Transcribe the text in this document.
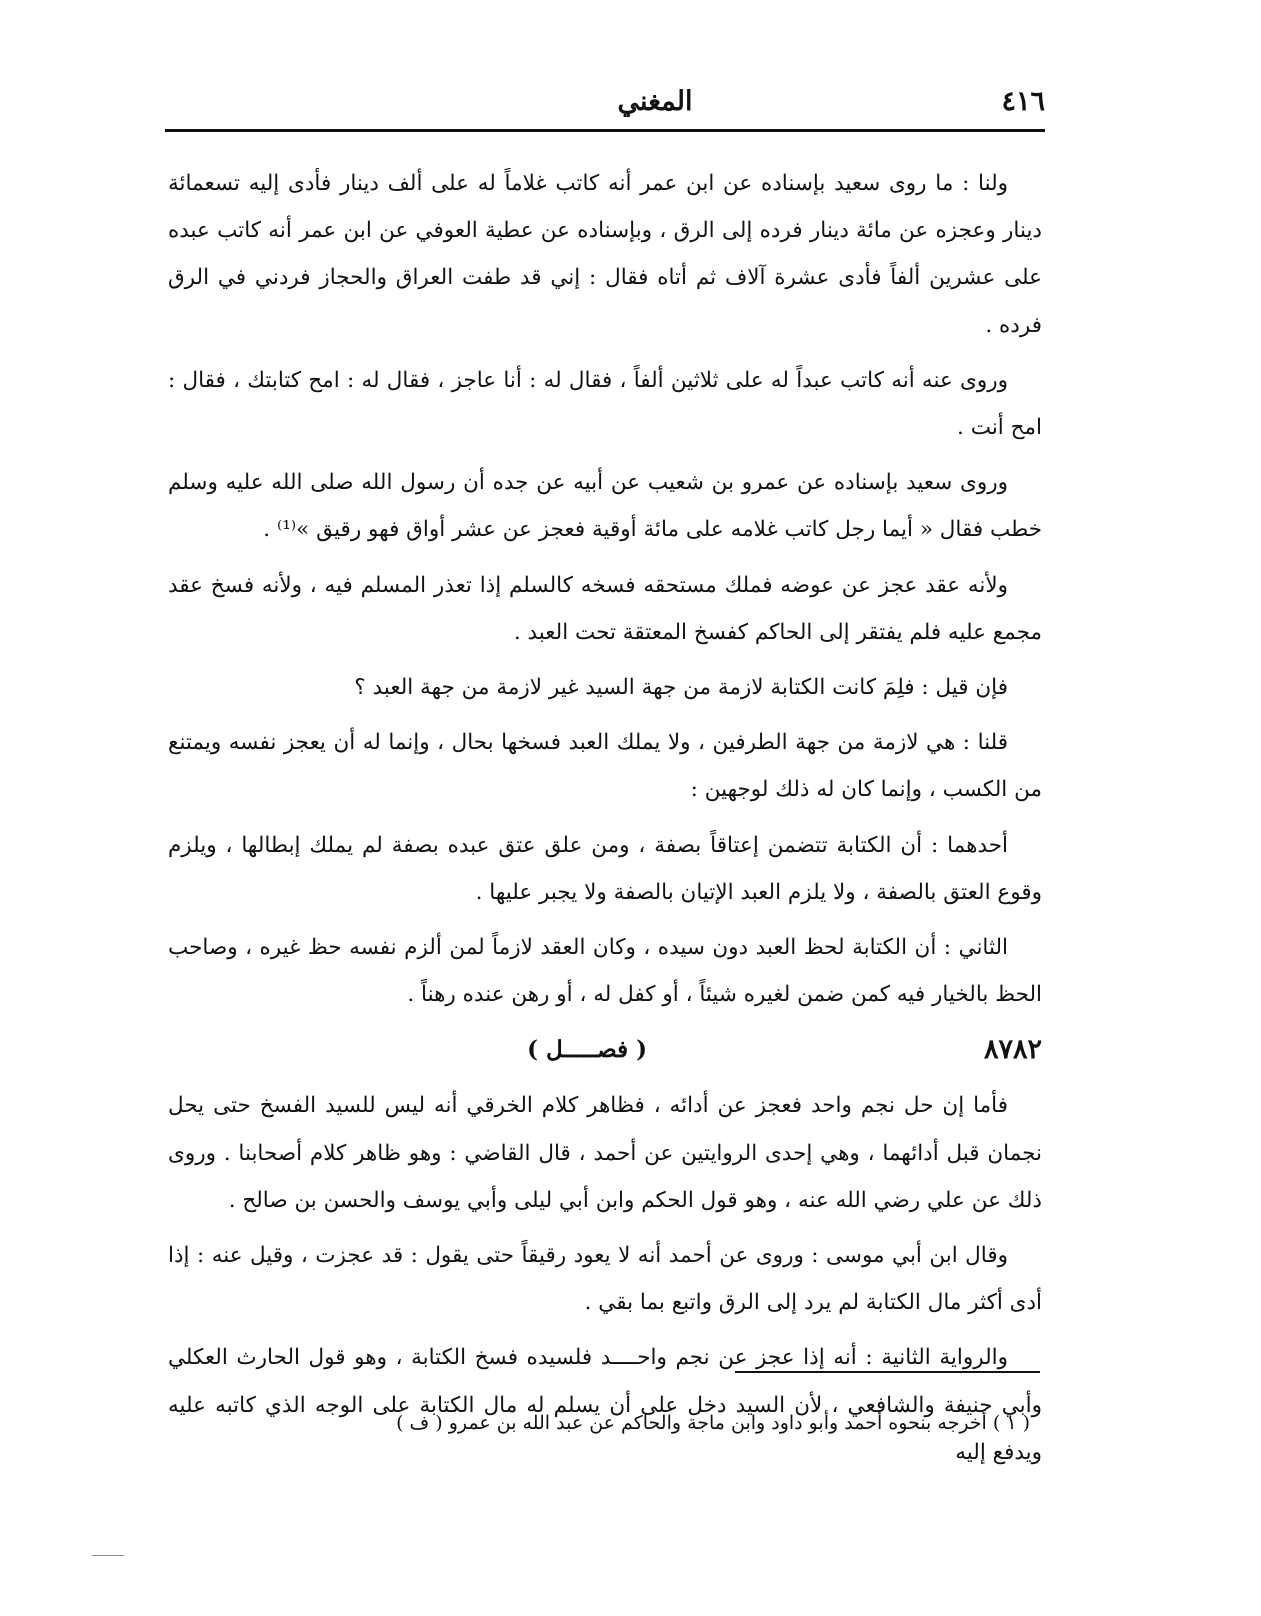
المغني	٤١٦

ولنا : ما روى سعيد بإسناده عن ابن عمر أنه كاتب غلاماً له على ألف دينار فأدى إليه تسعمائة دينار وعجزه عن مائة دينار فرده إلى الرق ، وبإسناده عن عطية العوفي عن ابن عمر أنه كاتب عبده على عشرين ألفاً فأدى عشرة آلاف ثم أتاه فقال : إني قد طفت العراق والحجاز فردني في الرق فرده .

وروى عنه أنه كاتب عبداً له على ثلاثين ألفاً ، فقال له : أنا عاجز ، فقال له : امح كتابتك ، فقال : امح أنت .

وروى سعيد بإسناده عن عمرو بن شعيب عن أبيه عن جده أن رسول الله صلى الله عليه وسلم خطب فقال « أيما رجل كاتب غلامه على مائة أوقية فعجز عن عشر أواق فهو رقيق »⁽¹⁾ .

ولأنه عقد عجز عن عوضه فملك مستحقه فسخه كالسلم إذا تعذر المسلم فيه ، ولأنه فسخ عقد مجمع عليه فلم يفتقر إلى الحاكم كفسخ المعتقة تحت العبد .

فإن قيل : فلِمَ كانت الكتابة لازمة من جهة السيد غير لازمة من جهة العبد ؟

قلنا : هي لازمة من جهة الطرفين ، ولا يملك العبد فسخها بحال ، وإنما له أن يعجز نفسه ويمتنع من الكسب ، وإنما كان له ذلك لوجهين :

أحدهما : أن الكتابة تتضمن إعتاقاً بصفة ، ومن علق عتق عبده بصفة لم يملك إبطالها ، ويلزم وقوع العتق بالصفة ، ولا يلزم العبد الإتيان بالصفة ولا يجبر عليها .

الثاني : أن الكتابة لحظ العبد دون سيده ، وكان العقد لازماً لمن ألزم نفسه حظ غيره ، وصاحب الحظ بالخيار فيه كمن ضمن لغيره شيئاً ، أو كفل له ، أو رهن عنده رهناً .

٨٧٨٢
( فصـــــل )

فأما إن حل نجم واحد فعجز عن أدائه ، فظاهر كلام الخرقي أنه ليس للسيد الفسخ حتى يحل نجمان قبل أدائهما ، وهي إحدى الروايتين عن أحمد ، قال القاضي : وهو ظاهر كلام أصحابنا . وروى ذلك عن علي رضي الله عنه ، وهو قول الحكم وابن أبي ليلى وأبي يوسف والحسن بن صالح .

وقال ابن أبي موسى : وروى عن أحمد أنه لا يعود رقيقاً حتى يقول : قد عجزت ، وقيل عنه : إذا أدى أكثر مال الكتابة لم يرد إلى الرق واتبع بما بقي .

والرواية الثانية : أنه إذا عجز عن نجم واحــــد فلسيده فسخ الكتابة ، وهو قول الحارث العكلي وأبي حنيفة والشافعي ، لأن السيد دخل على أن يسلم له مال الكتابة على الوجه الذي كاتبه عليه ويدفع إليه

( ١ ) أخرجه بنحوه أحمد وأبو داود وابن ماجة والحاكم عن عبد الله بن عمرو ( ف )
